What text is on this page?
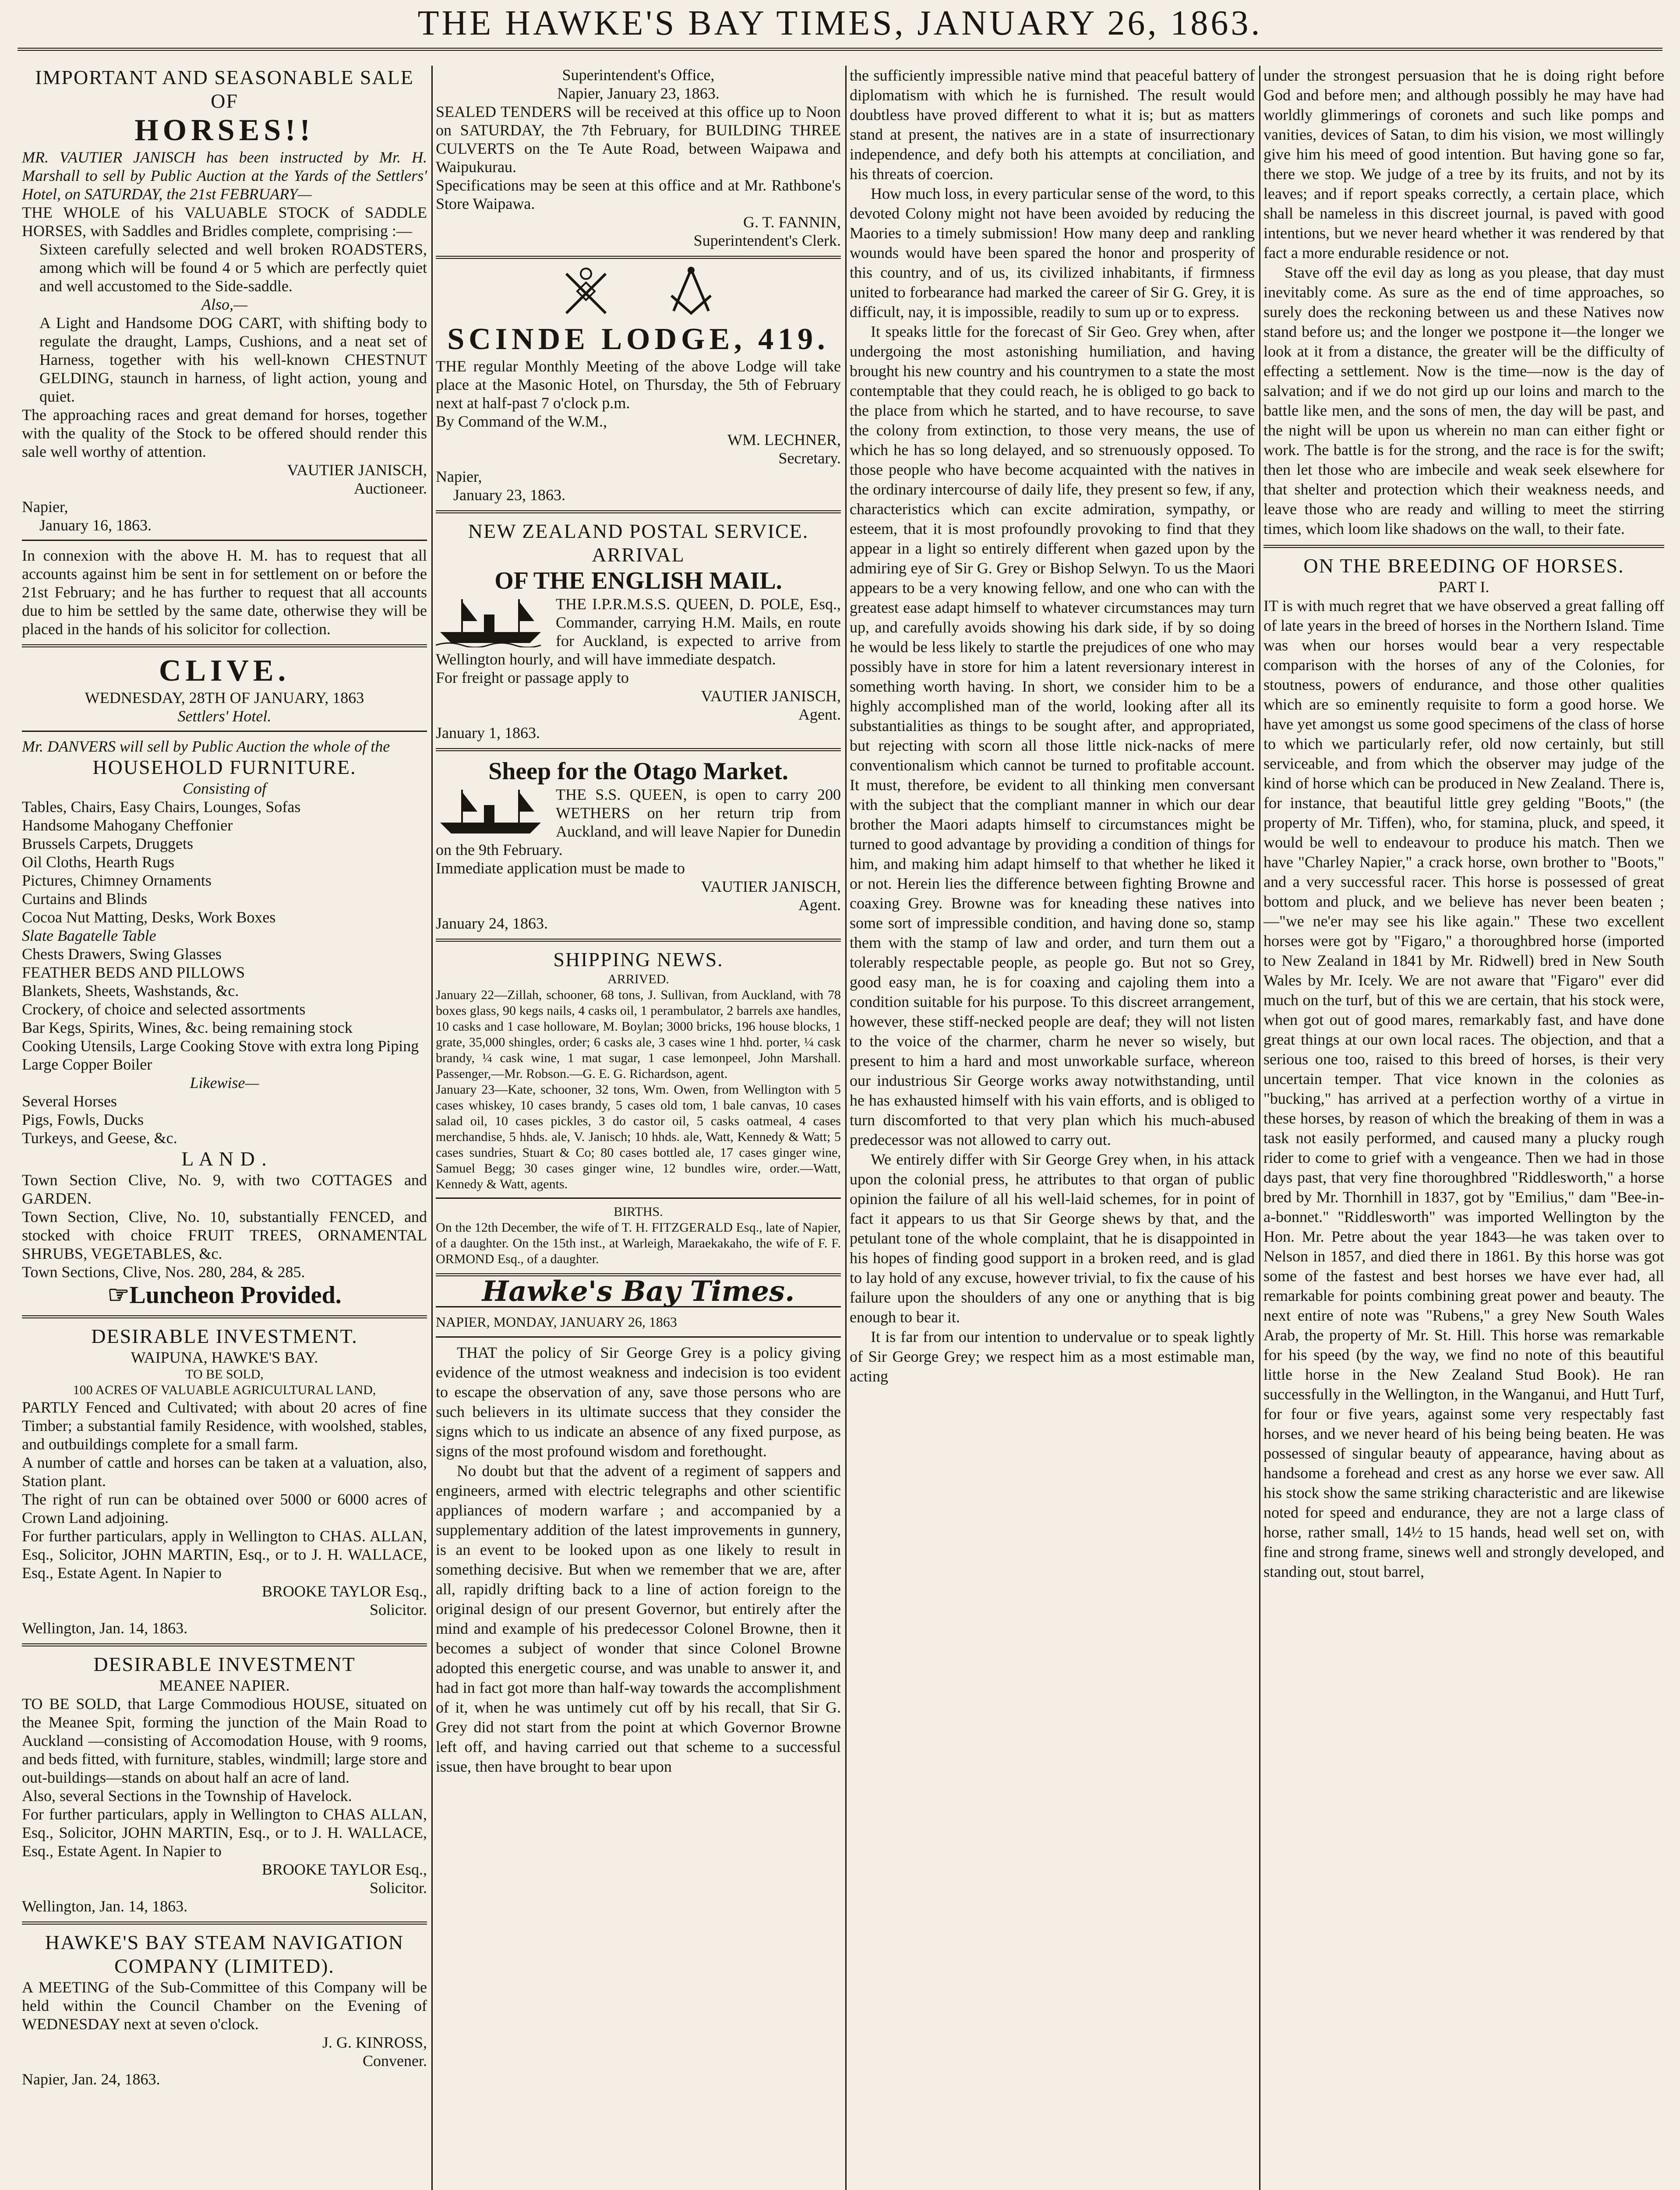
THE HAWKE'S BAY TIMES, JANUARY 26, 1863.
IMPORTANT AND SEASONABLE SALE OF
HORSES!!

MR. VAUTIER JANISCH has been instructed by Mr. H. Marshall to sell by Public Auction at the Yards of the Settlers' Hotel, on SATURDAY, the 21st FEBRUARY—

THE WHOLE of his VALUABLE STOCK of SADDLE HORSES, with Saddles and Bridles complete, comprising :—

Sixteen carefully selected and well broken ROADSTERS, among which will be found 4 or 5 which are perfectly quiet and well accustomed to the Side-saddle.

Also,—

A Light and Handsome DOG CART, with shifting body to regulate the draught, Lamps, Cushions, and a neat set of Harness, together with his well-known CHESTNUT GELDING, staunch in harness, of light action, young and quiet.

The approaching races and great demand for horses, together with the quality of the Stock to be offered should render this sale well worthy of attention.

VAUTIER JANISCH,

Auctioneer.

Napier,

January 16, 1863.

In connexion with the above H. M. has to request that all accounts against him be sent in for settlement on or before the 21st February; and he has further to request that all accounts due to him be settled by the same date, otherwise they will be placed in the hands of his solicitor for collection.

CLIVE.

WEDNESDAY, 28TH OF JANUARY, 1863

Settlers' Hotel.

Mr. DANVERS will sell by Public Auction the whole of the

HOUSEHOLD FURNITURE.

Consisting of

Tables, Chairs, Easy Chairs, Lounges, Sofas

Handsome Mahogany Cheffonier

Brussels Carpets, Druggets

Oil Cloths, Hearth Rugs

Pictures, Chimney Ornaments

Curtains and Blinds

Cocoa Nut Matting, Desks, Work Boxes

Slate Bagatelle Table

Chests Drawers, Swing Glasses

FEATHER BEDS AND PILLOWS

Blankets, Sheets, Washstands, &c.

Crockery, of choice and selected assortments

Bar Kegs, Spirits, Wines, &c. being remaining stock

Cooking Utensils, Large Cooking Stove with extra long Piping

Large Copper Boiler

Likewise—

Several Horses

Pigs, Fowls, Ducks

Turkeys, and Geese, &c.

L A N D .

Town Section Clive, No. 9, with two COTTAGES and GARDEN.

Town Section, Clive, No. 10, substantially FENCED, and stocked with choice FRUIT TREES, ORNAMENTAL SHRUBS, VEGETABLES, &c.

Town Sections, Clive, Nos. 280, 284, & 285.

☞ Luncheon Provided.
DESIRABLE INVESTMENT.

WAIPUNA, HAWKE'S BAY.

TO BE SOLD,

100 ACRES OF VALUABLE AGRICULTURAL LAND,

PARTLY Fenced and Cultivated; with about 20 acres of fine Timber; a substantial family Residence, with woolshed, stables, and outbuildings complete for a small farm.

A number of cattle and horses can be taken at a valuation, also, Station plant.

The right of run can be obtained over 5000 or 6000 acres of Crown Land adjoining.

For further particulars, apply in Wellington to CHAS. ALLAN, Esq., Solicitor, JOHN MARTIN, Esq., or to J. H. WALLACE, Esq., Estate Agent. In Napier to

BROOKE TAYLOR Esq.,

Solicitor.

Wellington, Jan. 14, 1863.

DESIRABLE INVESTMENT

MEANEE NAPIER.

TO BE SOLD, that Large Commodious HOUSE, situated on the Meanee Spit, forming the junction of the Main Road to Auckland —consisting of Accomodation House, with 9 rooms, and beds fitted, with furniture, stables, windmill; large store and out-buildings—stands on about half an acre of land.

Also, several Sections in the Township of Havelock.

For further particulars, apply in Wellington to CHAS ALLAN, Esq., Solicitor, JOHN MARTIN, Esq., or to J. H. WALLACE, Esq., Estate Agent. In Napier to

BROOKE TAYLOR Esq.,

Solicitor.

Wellington, Jan. 14, 1863.

HAWKE'S BAY STEAM NAVIGATION COMPANY (LIMITED).

A MEETING of the Sub-Committee of this Company will be held within the Council Chamber on the Evening of WEDNESDAY next at seven o'clock.

J. G. KINROSS,

Convener.

Napier, Jan. 24, 1863.

Superintendent's Office,

Napier, January 23, 1863.

SEALED TENDERS will be received at this office up to Noon on SATURDAY, the 7th February, for BUILDING THREE CULVERTS on the Te Aute Road, between Waipawa and Waipukurau.

Specifications may be seen at this office and at Mr. Rathbone's Store Waipawa.

G. T. FANNIN,

Superintendent's Clerk.

SCINDE LODGE, 419.

THE regular Monthly Meeting of the above Lodge will take place at the Masonic Hotel, on Thursday, the 5th of February next at half-past 7 o'clock p.m.

By Command of the W.M.,

WM. LECHNER,

Secretary.

Napier,

January 23, 1863.

NEW ZEALAND POSTAL SERVICE.
ARRIVAL
OF THE ENGLISH MAIL.

THE I.P.R.M.S.S. QUEEN, D. POLE, Esq., Commander, carrying H.M. Mails, en route for Auckland, is expected to arrive from Wellington hourly, and will have immediate despatch.

For freight or passage apply to

VAUTIER JANISCH,

Agent.

January 1, 1863.

Sheep for the Otago Market.

THE S.S. QUEEN, is open to carry 200 WETHERS on her return trip from Auckland, and will leave Napier for Dunedin on the 9th February.

Immediate application must be made to

VAUTIER JANISCH,

Agent.

January 24, 1863.

SHIPPING NEWS.

ARRIVED.

January 22—Zillah, schooner, 68 tons, J. Sullivan, from Auckland, with 78 boxes glass, 90 kegs nails, 4 casks oil, 1 perambulator, 2 barrels axe handles, 10 casks and 1 case holloware, M. Boylan; 3000 bricks, 196 house blocks, 1 grate, 35,000 shingles, order; 6 casks ale, 3 cases wine 1 hhd. porter, ¼ cask brandy, ¼ cask wine, 1 mat sugar, 1 case lemonpeel, John Marshall. Passenger,—Mr. Robson.—G. E. G. Richardson, agent.

January 23—Kate, schooner, 32 tons, Wm. Owen, from Wellington with 5 cases whiskey, 10 cases brandy, 5 cases old tom, 1 bale canvas, 10 cases salad oil, 10 cases pickles, 3 do castor oil, 5 casks oatmeal, 4 cases merchandise, 5 hhds. ale, V. Janisch; 10 hhds. ale, Watt, Kennedy & Watt; 5 cases sundries, Stuart & Co; 80 cases bottled ale, 17 cases ginger wine, Samuel Begg; 30 cases ginger wine, 12 bundles wire, order.—Watt, Kennedy & Watt, agents.

BIRTHS.

On the 12th December, the wife of T. H. FITZGERALD Esq., late of Napier, of a daughter. On the 15th inst., at Warleigh, Maraekakaho, the wife of F. F. ORMOND Esq., of a daughter.

Hawke's Bay Times.
NAPIER, MONDAY, JANUARY 26, 1863

THAT the policy of Sir George Grey is a policy giving evidence of the utmost weakness and indecision is too evident to escape the observation of any, save those persons who are such believers in its ultimate success that they consider the signs which to us indicate an absence of any fixed purpose, as signs of the most profound wisdom and forethought.

No doubt but that the advent of a regiment of sappers and engineers, armed with electric telegraphs and other scientific appliances of modern warfare ; and accompanied by a supplementary addition of the latest improvements in gunnery, is an event to be looked upon as one likely to result in something decisive. But when we remember that we are, after all, rapidly drifting back to a line of action foreign to the original design of our present Governor, but entirely after the mind and example of his predecessor Colonel Browne, then it becomes a subject of wonder that since Colonel Browne adopted this energetic course, and was unable to answer it, and had in fact got more than half-way towards the accomplishment of it, when he was untimely cut off by his recall, that Sir G. Grey did not start from the point at which Governor Browne left off, and having carried out that scheme to a successful issue, then have brought to bear upon

the sufficiently impressible native mind that peaceful battery of diplomatism with which he is furnished. The result would doubtless have proved different to what it is; but as matters stand at present, the natives are in a state of insurrectionary independence, and defy both his attempts at conciliation, and his threats of coercion.

How much loss, in every particular sense of the word, to this devoted Colony might not have been avoided by reducing the Maories to a timely submission! How many deep and rankling wounds would have been spared the honor and prosperity of this country, and of us, its civilized inhabitants, if firmness united to forbearance had marked the career of Sir G. Grey, it is difficult, nay, it is impossible, readily to sum up or to express.

It speaks little for the forecast of Sir Geo. Grey when, after undergoing the most astonishing humiliation, and having brought his new country and his countrymen to a state the most contemptable that they could reach, he is obliged to go back to the place from which he started, and to have recourse, to save the colony from extinction, to those very means, the use of which he has so long delayed, and so strenuously opposed. To those people who have become acquainted with the natives in the ordinary intercourse of daily life, they present so few, if any, characteristics which can excite admiration, sympathy, or esteem, that it is most profoundly provoking to find that they appear in a light so entirely different when gazed upon by the admiring eye of Sir G. Grey or Bishop Selwyn. To us the Maori appears to be a very knowing fellow, and one who can with the greatest ease adapt himself to whatever circumstances may turn up, and carefully avoids showing his dark side, if by so doing he would be less likely to startle the prejudices of one who may possibly have in store for him a latent reversionary interest in something worth having. In short, we consider him to be a highly accomplished man of the world, looking after all its substantialities as things to be sought after, and appropriated, but rejecting with scorn all those little nick-nacks of mere conventionalism which cannot be turned to profitable account. It must, therefore, be evident to all thinking men conversant with the subject that the compliant manner in which our dear brother the Maori adapts himself to circumstances might be turned to good advantage by providing a condition of things for him, and making him adapt himself to that whether he liked it or not. Herein lies the difference between fighting Browne and coaxing Grey. Browne was for kneading these natives into some sort of impressible condition, and having done so, stamp them with the stamp of law and order, and turn them out a tolerably respectable people, as people go. But not so Grey, good easy man, he is for coaxing and cajoling them into a condition suitable for his purpose. To this discreet arrangement, however, these stiff-necked people are deaf; they will not listen to the voice of the charmer, charm he never so wisely, but present to him a hard and most unworkable surface, whereon our industrious Sir George works away notwithstanding, until he has exhausted himself with his vain efforts, and is obliged to turn discomforted to that very plan which his much-abused predecessor was not allowed to carry out.

We entirely differ with Sir George Grey when, in his attack upon the colonial press, he attributes to that organ of public opinion the failure of all his well-laid schemes, for in point of fact it appears to us that Sir George shews by that, and the petulant tone of the whole complaint, that he is disappointed in his hopes of finding good support in a broken reed, and is glad to lay hold of any excuse, however trivial, to fix the cause of his failure upon the shoulders of any one or anything that is big enough to bear it.

It is far from our intention to undervalue or to speak lightly of Sir George Grey; we respect him as a most estimable man, acting

under the strongest persuasion that he is doing right before God and before men; and although possibly he may have had worldly glimmerings of coronets and such like pomps and vanities, devices of Satan, to dim his vision, we most willingly give him his meed of good intention. But having gone so far, there we stop. We judge of a tree by its fruits, and not by its leaves; and if report speaks correctly, a certain place, which shall be nameless in this discreet journal, is paved with good intentions, but we never heard whether it was rendered by that fact a more endurable residence or not.

Stave off the evil day as long as you please, that day must inevitably come. As sure as the end of time approaches, so surely does the reckoning between us and these Natives now stand before us; and the longer we postpone it—the longer we look at it from a distance, the greater will be the difficulty of effecting a settlement. Now is the time—now is the day of salvation; and if we do not gird up our loins and march to the battle like men, and the sons of men, the day will be past, and the night will be upon us wherein no man can either fight or work. The battle is for the strong, and the race is for the swift; then let those who are imbecile and weak seek elsewhere for that shelter and protection which their weakness needs, and leave those who are ready and willing to meet the stirring times, which loom like shadows on the wall, to their fate.

ON THE BREEDING OF HORSES.

PART I.

IT is with much regret that we have observed a great falling off of late years in the breed of horses in the Northern Island. Time was when our horses would bear a very respectable comparison with the horses of any of the Colonies, for stoutness, powers of endurance, and those other qualities which are so eminently requisite to form a good horse. We have yet amongst us some good specimens of the class of horse to which we particularly refer, old now certainly, but still serviceable, and from which the observer may judge of the kind of horse which can be produced in New Zealand. There is, for instance, that beautiful little grey gelding "Boots," (the property of Mr. Tiffen), who, for stamina, pluck, and speed, it would be well to endeavour to produce his match. Then we have "Charley Napier," a crack horse, own brother to "Boots," and a very successful racer. This horse is possessed of great bottom and pluck, and we believe has never been beaten ;—"we ne'er may see his like again." These two excellent horses were got by "Figaro," a thoroughbred horse (imported to New Zealand in 1841 by Mr. Ridwell) bred in New South Wales by Mr. Icely. We are not aware that "Figaro" ever did much on the turf, but of this we are certain, that his stock were, when got out of good mares, remarkably fast, and have done great things at our own local races. The objection, and that a serious one too, raised to this breed of horses, is their very uncertain temper. That vice known in the colonies as "bucking," has arrived at a perfection worthy of a virtue in these horses, by reason of which the breaking of them in was a task not easily performed, and caused many a plucky rough rider to come to grief with a vengeance. Then we had in those days past, that very fine thoroughbred "Riddlesworth," a horse bred by Mr. Thornhill in 1837, got by "Emilius," dam "Bee-in-a-bonnet." "Riddlesworth" was imported Wellington by the Hon. Mr. Petre about the year 1843—he was taken over to Nelson in 1857, and died there in 1861. By this horse was got some of the fastest and best horses we have ever had, all remarkable for points combining great power and beauty. The next entire of note was "Rubens," a grey New South Wales Arab, the property of Mr. St. Hill. This horse was remarkable for his speed (by the way, we find no note of this beautiful little horse in the New Zealand Stud Book). He ran successfully in the Wellington, in the Wanganui, and Hutt Turf, for four or five years, against some very respectably fast horses, and we never heard of his being being beaten. He was possessed of singular beauty of appearance, having about as handsome a forehead and crest as any horse we ever saw. All his stock show the same striking characteristic and are likewise noted for speed and endurance, they are not a large class of horse, rather small, 14½ to 15 hands, head well set on, with fine and strong frame, sinews well and strongly developed, and standing out, stout barrel,
